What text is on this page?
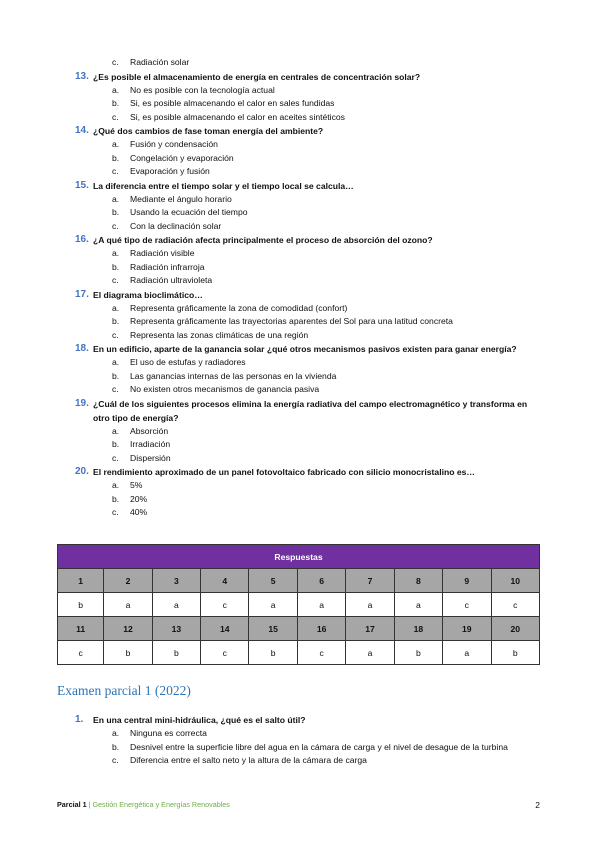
c. Radiación solar
13. ¿Es posible el almacenamiento de energía en centrales de concentración solar?
a. No es posible con la tecnología actual
b. Si, es posible almacenando el calor en sales fundidas
c. Si, es posible almacenando el calor en aceites sintéticos
14. ¿Qué dos cambios de fase toman energía del ambiente?
a. Fusión y condensación
b. Congelación y evaporación
c. Evaporación y fusión
15. La diferencia entre el tiempo solar y el tiempo local se calcula…
a. Mediante el ángulo horario
b. Usando la ecuación del tiempo
c. Con la declinación solar
16. ¿A qué tipo de radiación afecta principalmente el proceso de absorción del ozono?
a. Radiación visible
b. Radiación infrarroja
c. Radiación ultravioleta
17. El diagrama bioclimático…
a. Representa gráficamente la zona de comodidad (confort)
b. Representa gráficamente las trayectorias aparentes del Sol para una latitud concreta
c. Representa las zonas climáticas de una región
18. En un edificio, aparte de la ganancia solar ¿qué otros mecanismos pasivos existen para ganar energía?
a. El uso de estufas y radiadores
b. Las ganancias internas de las personas en la vivienda
c. No existen otros mecanismos de ganancia pasiva
19. ¿Cuál de los siguientes procesos elimina la energía radiativa del campo electromagnético y transforma en otro tipo de energía?
a. Absorción
b. Irradiación
c. Dispersión
20. El rendimiento aproximado de un panel fotovoltaico fabricado con silicio monocristalino es…
a. 5%
b. 20%
c. 40%
Respuestas									
1	2	3	4	5	6	7	8	9	10
b	a	a	c	a	a	a	a	c	c
11	12	13	14	15	16	17	18	19	20
c	b	b	c	b	c	a	b	a	b
Examen parcial 1 (2022)
1. En una central mini-hidráulica, ¿qué es el salto útil?
a. Ninguna es correcta
b. Desnivel entre la superficie libre del agua en la cámara de carga y el nivel de desague de la turbina
c. Diferencia entre el salto neto y la altura de la cámara de carga
Parcial 1 | Gestión Energética y Energías Renovables	2
